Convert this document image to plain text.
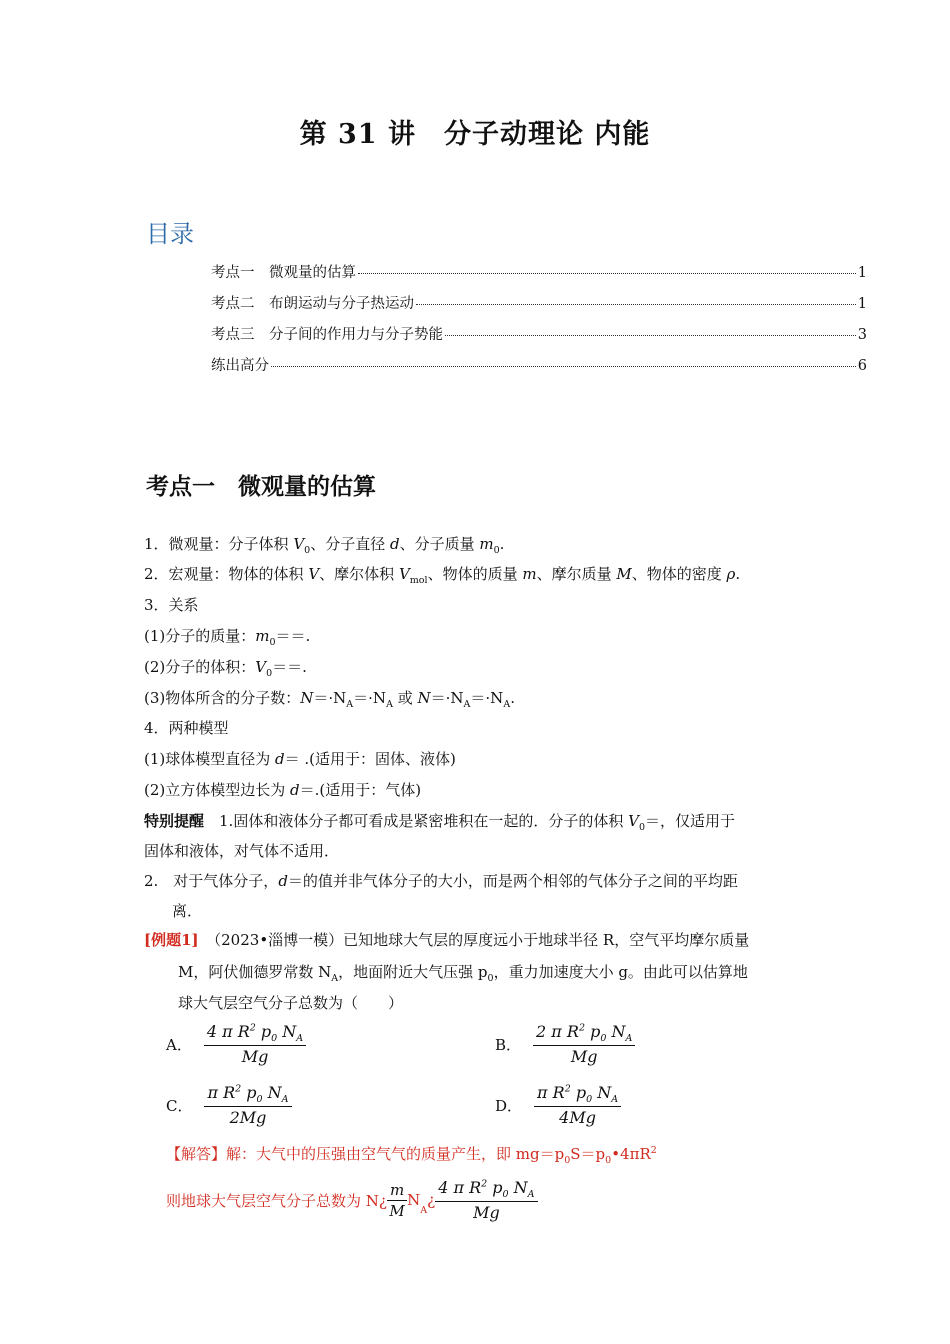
第 31 讲　分子动理论 内能
目录
考点一　微观量的估算	1
考点二　布朗运动与分子热运动	1
考点三　分子间的作用力与分子势能	3
练出高分	6
考点一　微观量的估算
1．微观量：分子体积 $V_0$、分子直径 d、分子质量 $m_0$.
2．宏观量：物体的体积 V、摩尔体积 $V_{mol}$、物体的质量 m、摩尔质量 M、物体的密度 ρ.
3．关系
(1)分子的质量：$m_0==$.
(2)分子的体积：$V_0==$.
(3)物体所含的分子数：$N=\cdot N_A=\cdot N_A$ 或 $N=\cdot N_A=\cdot N_A$.
4．两种模型
(1)球体模型直径为 d＝ .(适用于：固体、液体)
(2)立方体模型边长为 d＝.(适用于：气体)
特别提醒　1.固体和液体分子都可看成是紧密堆积在一起的．分子的体积 $V_0=$，仅适用于
固体和液体，对气体不适用．
2.　对于气体分子，d＝的值并非气体分子的大小，而是两个相邻的气体分子之间的平均距
离．
[例题1]　（2023•淄博一模）已知地球大气层的厚度远小于地球半径 R，空气平均摩尔质量
M，阿伏伽德罗常数 $N_A$，地面附近大气压强 $p_0$，重力加速度大小 g。由此可以估算地
球大气层空气分子总数为（　　）
A． $\frac{4 \pi R^2 p_0 N_A}{Mg}$	B． $\frac{2 \pi R^2 p_0 N_A}{Mg}$
C． $\frac{\pi R^2 p_0 N_A}{2Mg}$	D． $\frac{\pi R^2 p_0 N_A}{4Mg}$
【解答】解：大气中的压强由空气气的质量产生，即 $mg=p_0S=p_0•4\pi R^2$
则地球大气层空气分子总数为 N¿ $\frac{m}{M}$ N
$_A$
¿ $\frac{4 \pi R^2 p_0 N_A}{Mg}$
